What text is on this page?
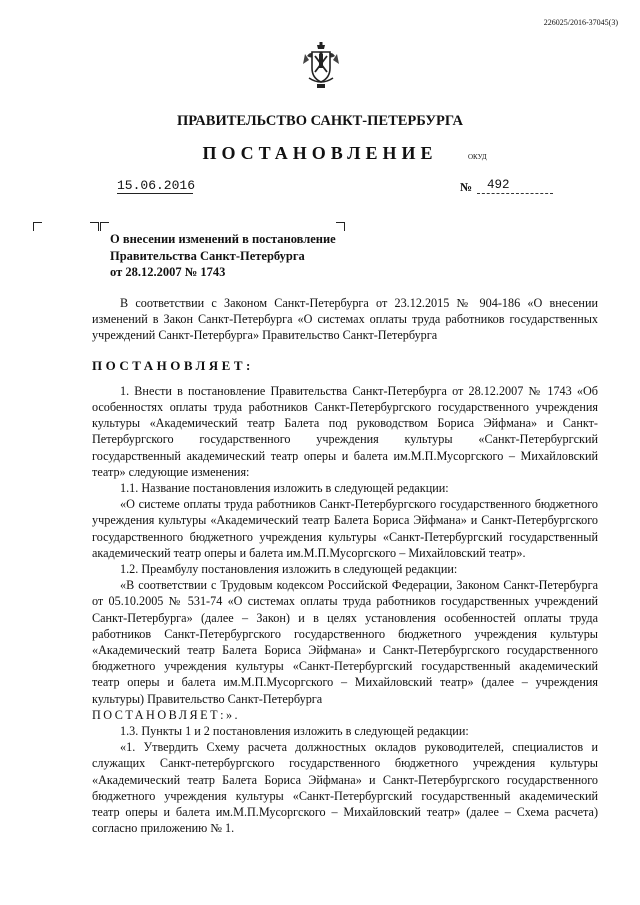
226025/2016-37045(3)
ПРАВИТЕЛЬСТВО САНКТ-ПЕТЕРБУРГА
ПОСТАНОВЛЕНИЕ	ОКУД
15.06.2016	№	492
О внесении изменений в постановление
Правительства Санкт-Петербурга
от 28.12.2007 № 1743

В соответствии с Законом Санкт-Петербурга от 23.12.2015 № 904-186 «О внесении изменений в Закон Санкт-Петербурга «О системах оплаты труда работников государственных учреждений Санкт-Петербурга» Правительство Санкт-Петербурга

ПОСТАНОВЛЯЕТ:

1. Внести в постановление Правительства Санкт-Петербурга от 28.12.2007 № 1743 «Об особенностях оплаты труда работников Санкт-Петербургского государственного учреждения культуры «Академический театр Балета под руководством Бориса Эйфмана» и Санкт-Петербургского государственного учреждения культуры «Санкт-Петербургский государственный академический театр оперы и балета им.М.П.Мусоргского – Михайловский театр» следующие изменения:

1.1. Название постановления изложить в следующей редакции:

«О системе оплаты труда работников Санкт-Петербургского государственного бюджетного учреждения культуры «Академический театр Балета Бориса Эйфмана» и Санкт-Петербургского государственного бюджетного учреждения культуры «Санкт-Петербургский государственный академический театр оперы и балета им.М.П.Мусоргского – Михайловский театр».

1.2. Преамбулу постановления изложить в следующей редакции:

«В соответствии с Трудовым кодексом Российской Федерации, Законом Санкт-Петербурга от 05.10.2005 № 531-74 «О системах оплаты труда работников государственных учреждений Санкт-Петербурга» (далее – Закон) и в целях установления особенностей оплаты труда работников Санкт-Петербургского государственного бюджетного учреждения культуры «Академический театр Балета Бориса Эйфмана» и Санкт-Петербургского государственного бюджетного учреждения культуры «Санкт-Петербургский государственный академический театр оперы и балета им.М.П.Мусоргского – Михайловский театр» (далее – учреждения культуры) Правительство Санкт-Петербурга

ПОСТАНОВЛЯЕТ:».

1.3. Пункты 1 и 2 постановления изложить в следующей редакции:

«1. Утвердить Схему расчета должностных окладов руководителей, специалистов и служащих Санкт-петербургского государственного бюджетного учреждения культуры «Академический театр Балета Бориса Эйфмана» и Санкт-Петербургского государственного бюджетного учреждения культуры «Санкт-Петербургский государственный академический театр оперы и балета им.М.П.Мусоргского – Михайловский театр» (далее – Схема расчета) согласно приложению № 1.
